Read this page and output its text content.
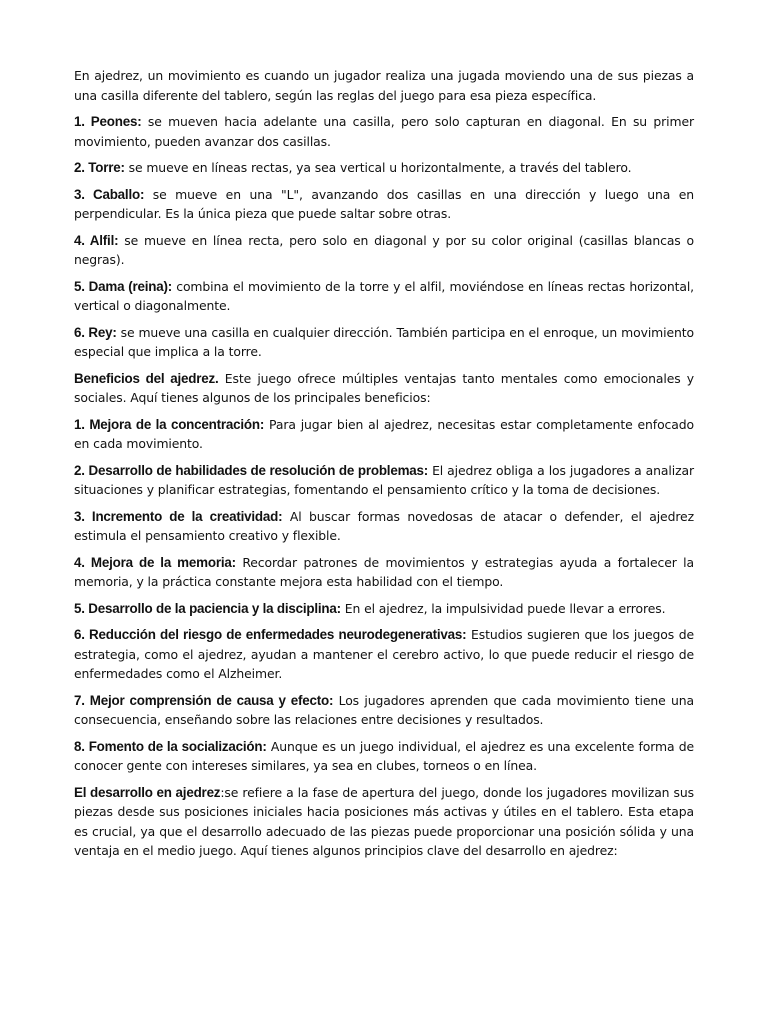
En ajedrez, un movimiento es cuando un jugador realiza una jugada moviendo una de sus piezas a una casilla diferente del tablero, según las reglas del juego para esa pieza específica.

1. Peones: se mueven hacia adelante una casilla, pero solo capturan en diagonal. En su primer movimiento, pueden avanzar dos casillas.

2. Torre: se mueve en líneas rectas, ya sea vertical u horizontalmente, a través del tablero.

3. Caballo: se mueve en una "L", avanzando dos casillas en una dirección y luego una en perpendicular. Es la única pieza que puede saltar sobre otras.

4. Alfil: se mueve en línea recta, pero solo en diagonal y por su color original (casillas blancas o negras).

5. Dama (reina): combina el movimiento de la torre y el alfil, moviéndose en líneas rectas horizontal, vertical o diagonalmente.

6. Rey: se mueve una casilla en cualquier dirección. También participa en el enroque, un movimiento especial que implica a la torre.

Beneficios del ajedrez. Este juego ofrece múltiples ventajas tanto mentales como emocionales y sociales. Aquí tienes algunos de los principales beneficios:

1. Mejora de la concentración: Para jugar bien al ajedrez, necesitas estar completamente enfocado en cada movimiento.

2. Desarrollo de habilidades de resolución de problemas: El ajedrez obliga a los jugadores a analizar situaciones y planificar estrategias, fomentando el pensamiento crítico y la toma de decisiones.

3. Incremento de la creatividad: Al buscar formas novedosas de atacar o defender, el ajedrez estimula el pensamiento creativo y flexible.

4. Mejora de la memoria: Recordar patrones de movimientos y estrategias ayuda a fortalecer la memoria, y la práctica constante mejora esta habilidad con el tiempo.

5. Desarrollo de la paciencia y la disciplina: En el ajedrez, la impulsividad puede llevar a errores.

6. Reducción del riesgo de enfermedades neurodegenerativas: Estudios sugieren que los juegos de estrategia, como el ajedrez, ayudan a mantener el cerebro activo, lo que puede reducir el riesgo de enfermedades como el Alzheimer.

7. Mejor comprensión de causa y efecto: Los jugadores aprenden que cada movimiento tiene una consecuencia, enseñando sobre las relaciones entre decisiones y resultados.

8. Fomento de la socialización: Aunque es un juego individual, el ajedrez es una excelente forma de conocer gente con intereses similares, ya sea en clubes, torneos o en línea.

El desarrollo en ajedrez:se refiere a la fase de apertura del juego, donde los jugadores movilizan sus piezas desde sus posiciones iniciales hacia posiciones más activas y útiles en el tablero. Esta etapa es crucial, ya que el desarrollo adecuado de las piezas puede proporcionar una posición sólida y una ventaja en el medio juego. Aquí tienes algunos principios clave del desarrollo en ajedrez:
